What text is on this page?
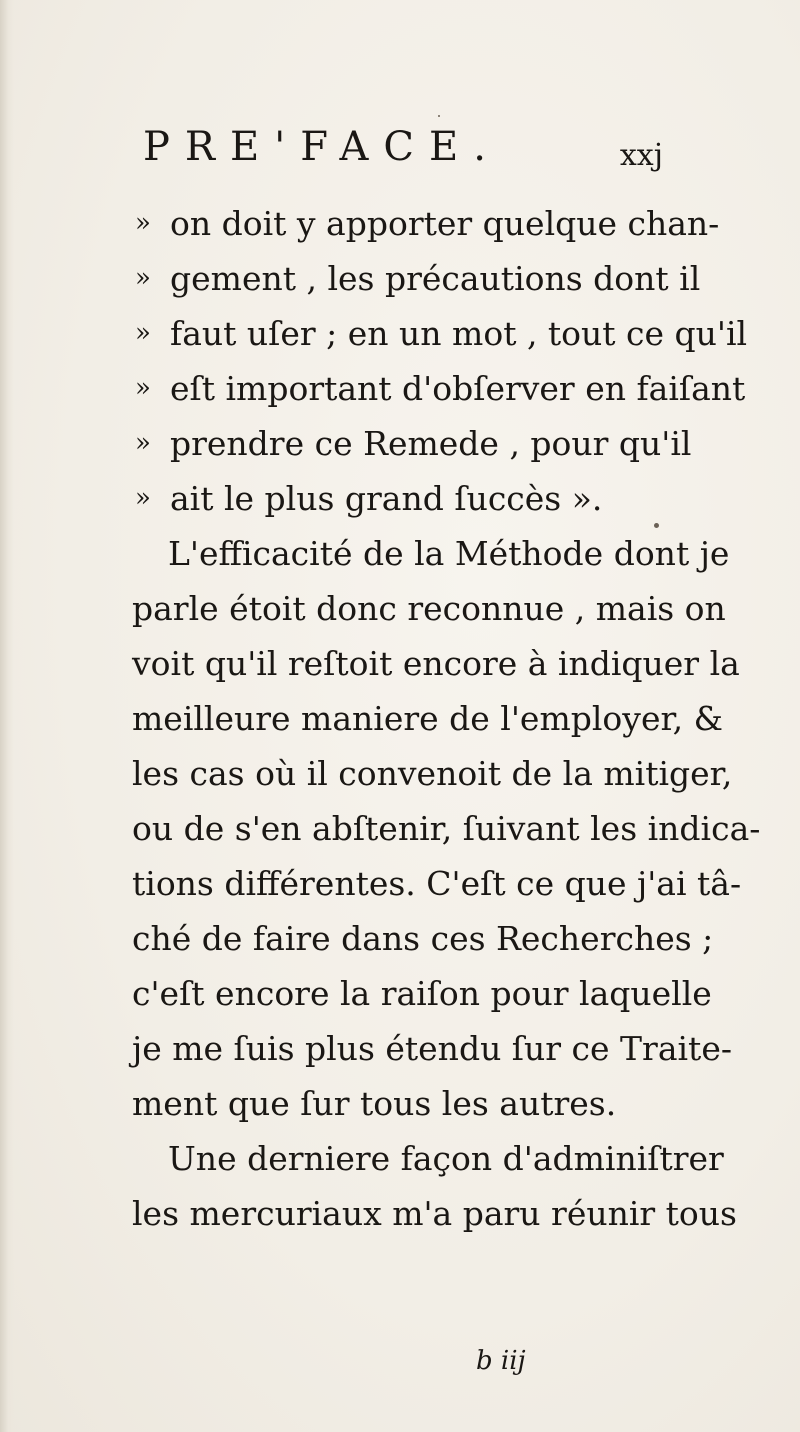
PRE'FACE.	xxj
» on doit y apporter quelque chan-
» gement , les précautions dont il
» faut uſer ; en un mot , tout ce qu'il
» eſt important d'obſerver en faiſant
» prendre ce Remede , pour qu'il
» ait le plus grand ſuccès ».
L'efficacité de la Méthode dont je
parle étoit donc reconnue , mais on
voit qu'il reſtoit encore à indiquer la
meilleure maniere de l'employer, &
les cas où il convenoit de la mitiger,
ou de s'en abſtenir, ſuivant les indica-
tions différentes. C'eſt ce que j'ai tâ-
ché de faire dans ces Recherches ;
c'eſt encore la raiſon pour laquelle
je me ſuis plus étendu ſur ce Traite-
ment que ſur tous les autres.
Une derniere façon d'adminiſtrer
les mercuriaux m'a paru réunir tous
b iij
